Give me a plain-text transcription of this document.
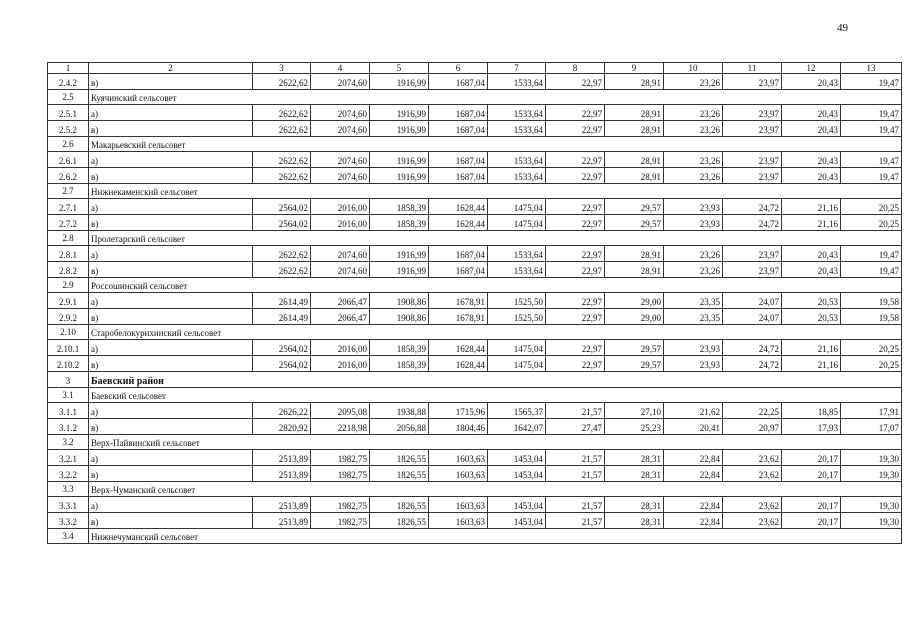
49
1	2	3	4	5	6	7	8	9	10	11	12	13
2.4.2	в)	2622,62	2074,60	1916,99	1687,04	1533,64	22,97	28,91	23,26	23,97	20,43	19,47
2.5	Куячинский сельсовет											
2.5.1	а)	2622,62	2074,60	1916,99	1687,04	1533,64	22,97	28,91	23,26	23,97	20,43	19,47
2.5.2	в)	2622,62	2074,60	1916,99	1687,04	1533,64	22,97	28,91	23,26	23,97	20,43	19,47
2.6	Макарьевский сельсовет											
2.6.1	а)	2622,62	2074,60	1916,99	1687,04	1533,64	22,97	28,91	23,26	23,97	20,43	19,47
2.6.2	в)	2622,62	2074,60	1916,99	1687,04	1533,64	22,97	28,91	23,26	23,97	20,43	19,47
2.7	Нижнекаменский сельсовет											
2.7.1	а)	2564,02	2016,00	1858,39	1628,44	1475,04	22,97	29,57	23,93	24,72	21,16	20,25
2.7.2	в)	2564,02	2016,00	1858,39	1628,44	1475,04	22,97	29,57	23,93	24,72	21,16	20,25
2.8	Пролетарский сельсовет											
2.8.1	а)	2622,62	2074,60	1916,99	1687,04	1533,64	22,97	28,91	23,26	23,97	20,43	19,47
2.8.2	в)	2622,62	2074,60	1916,99	1687,04	1533,64	22,97	28,91	23,26	23,97	20,43	19,47
2.9	Россошинский сельсовет											
2.9.1	а)	2614,49	2066,47	1908,86	1678,91	1525,50	22,97	29,00	23,35	24,07	20,53	19,58
2.9.2	в)	2614,49	2066,47	1908,86	1678,91	1525,50	22,97	29,00	23,35	24,07	20,53	19,58
2.10	Старобелокурихинский сельсовет											
2.10.1	а)	2564,02	2016,00	1858,39	1628,44	1475,04	22,97	29,57	23,93	24,72	21,16	20,25
2.10.2	в)	2564,02	2016,00	1858,39	1628,44	1475,04	22,97	29,57	23,93	24,72	21,16	20,25
3	Баевский район											
3.1	Баевский сельсовет											
3.1.1	а)	2626,22	2095,08	1938,88	1715,96	1565,37	21,57	27,10	21,62	22,25	18,85	17,91
3.1.2	в)	2820,92	2218,98	2056,88	1804,46	1642,07	27,47	25,23	20,41	20,97	17,93	17,07
3.2	Верх-Пайвинский сельсовет											
3.2.1	а)	2513,89	1982,75	1826,55	1603,63	1453,04	21,57	28,31	22,84	23,62	20,17	19,30
3.2.2	в)	2513,89	1982,75	1826,55	1603,63	1453,04	21,57	28,31	22,84	23,62	20,17	19,30
3.3	Верх-Чуманский сельсовет											
3.3.1	а)	2513,89	1982,75	1826,55	1603,63	1453,04	21,57	28,31	22,84	23,62	20,17	19,30
3.3.2	в)	2513,89	1982,75	1826,55	1603,63	1453,04	21,57	28,31	22,84	23,62	20,17	19,30
3.4	Нижнечуманский сельсовет											
